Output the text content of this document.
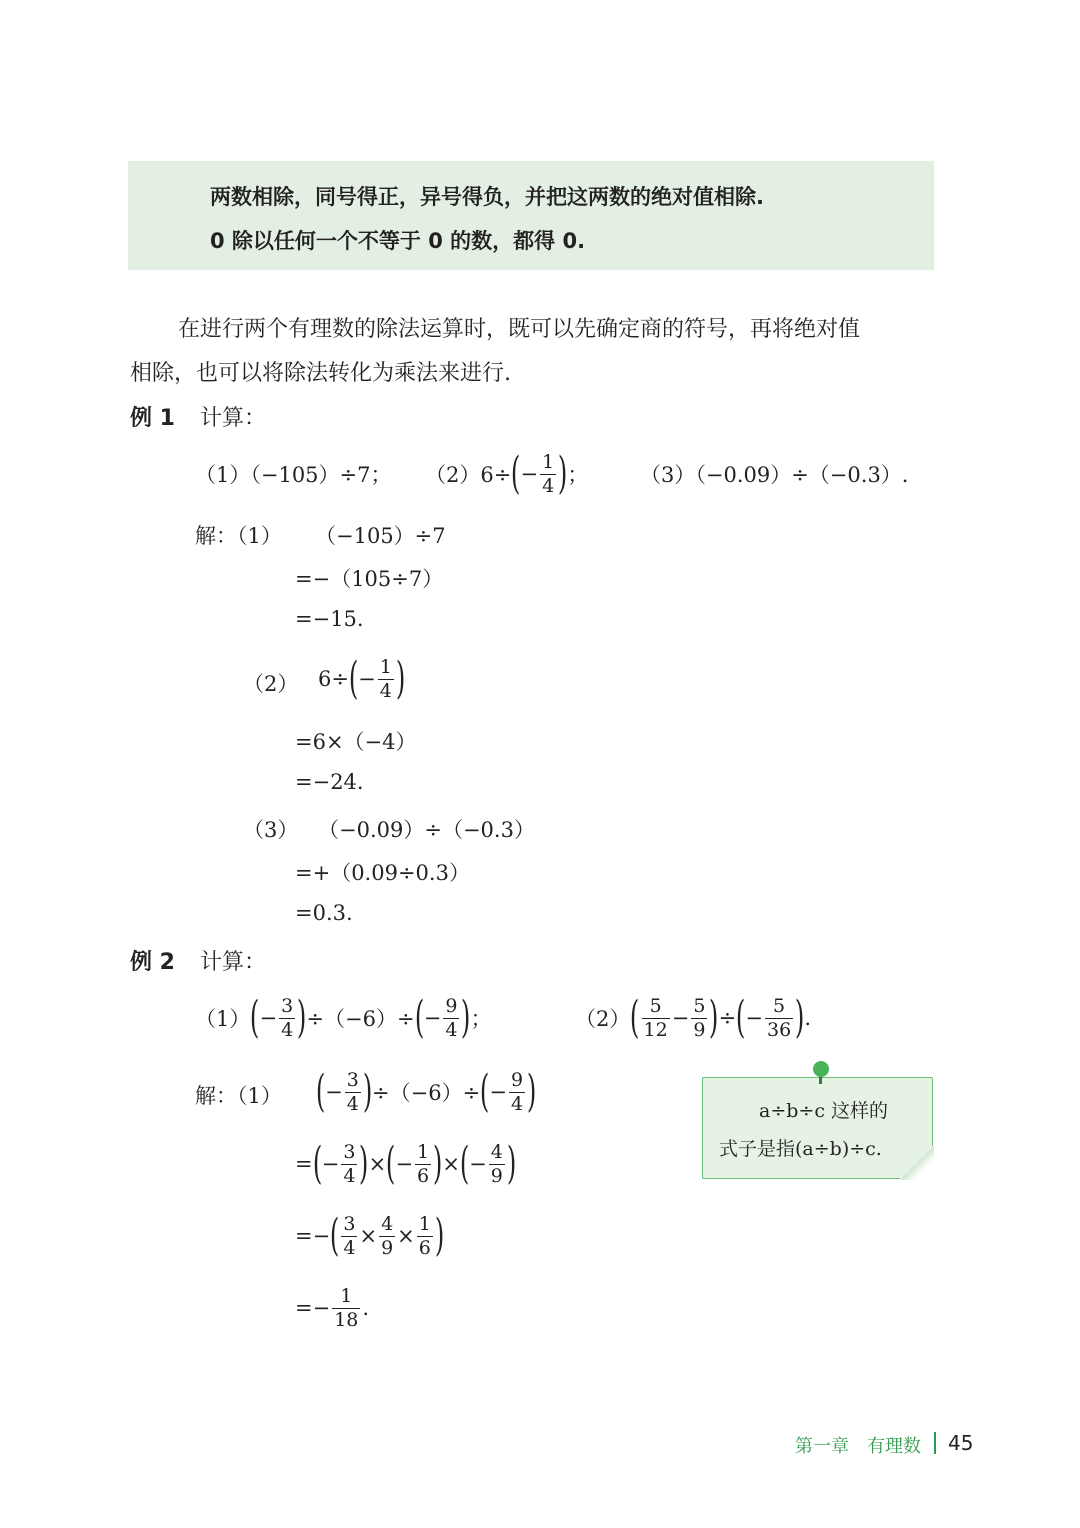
两数相除，同号得正，异号得负，并把这两数的绝对值相除.
0 除以任何一个不等于 0 的数，都得 0.
在进行两个有理数的除法运算时，既可以先确定商的符号，再将绝对值
相除，也可以将除法转化为乘法来进行.
例 1 计算：
（1）（−105）÷7； （2）6÷ ( − $\frac{1}{4}$ ) ； （3）（−0.09）÷（−0.3）.
解：（1） （−105）÷7
=−（105÷7）
=−15.
（2） 6÷ ( − $\frac{1}{4}$ )
=6×（−4）
=−24.
（3） （−0.09）÷（−0.3）
=+（0.09÷0.3）
=0.3.
例 2 计算：
（1） ( − $\frac{3}{4}$ ) ÷（−6）÷ ( − $\frac{9}{4}$ ) ；	（2） ( $\frac{5}{12} - \frac{5}{9}$ ) ÷ ( − $\frac{5}{36}$ ) .
解：（1） ( − $\frac{3}{4}$ ) ÷（−6）÷ ( − $\frac{9}{4}$ )
= ( − $\frac{3}{4}$ ) × ( − $\frac{1}{6}$ ) × ( − $\frac{4}{9}$ )
=− ( $\frac{3}{4} \times \frac{4}{9} \times \frac{1}{6}$ )
=− $\frac{1}{18}$ .
a÷b÷c 这样的
式子是指(a÷b)÷c.
第一章　有理数 45
